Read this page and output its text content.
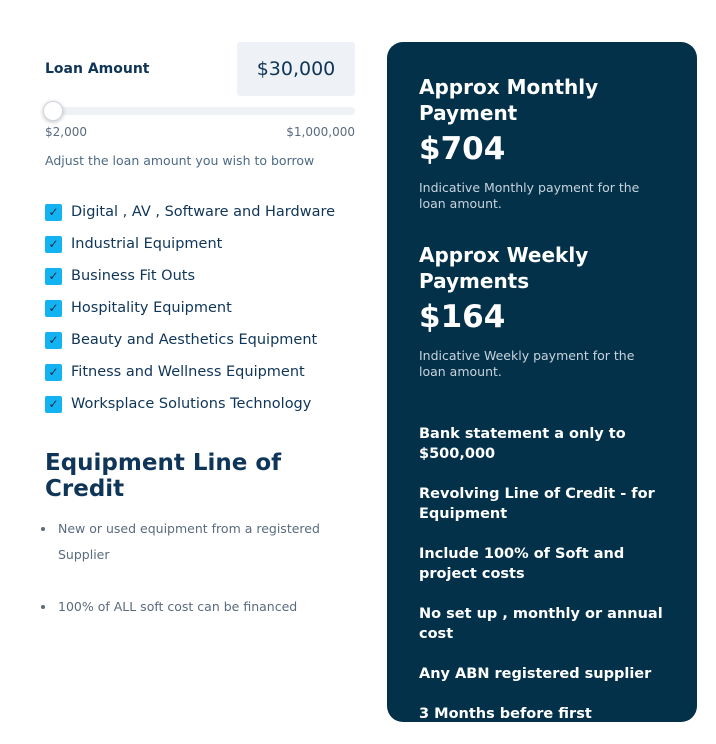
Loan Amount	$30,000
$2,000	$1,000,000
Adjust the loan amount you wish to borrow
✓ Digital , AV , Software and Hardware
✓ Industrial Equipment
✓ Business Fit Outs
✓ Hospitality Equipment
✓ Beauty and Aesthetics Equipment
✓ Fitness and Wellness Equipment
✓ Worksplace Solutions Technology
Equipment Line of Credit
New or used equipment from a registered Supplier
100% of ALL soft cost can be financed
Approx Monthly Payment
$704
Indicative Monthly payment for the loan amount.
Approx Weekly Payments
$164
Indicative Weekly payment for the loan amount.
Bank statement a only to $500,000
Revolving Line of Credit - for Equipment
Include 100% of Soft and project costs
No set up , monthly or annual cost
Any ABN registered supplier
3 Months before first repayment
